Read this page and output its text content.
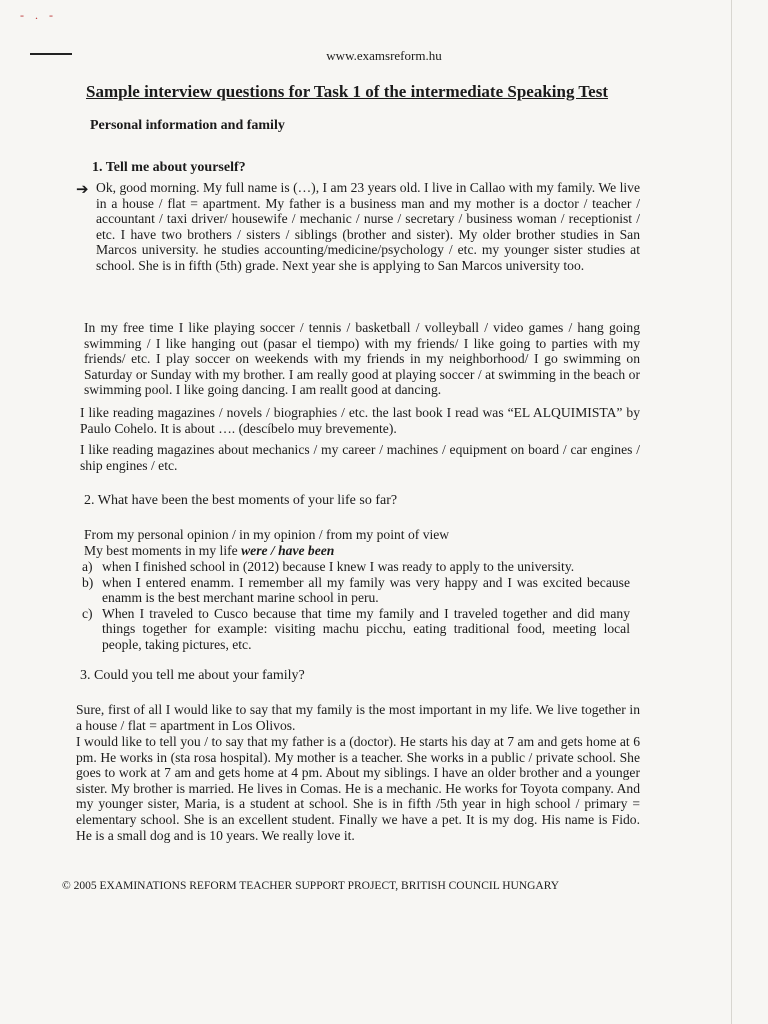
- . -
www.examsreform.hu
Sample interview questions for Task 1 of the intermediate Speaking Test
Personal information and family
1. Tell me about yourself?
➔ Ok, good morning. My full name is (…), I am 23 years old. I live in Callao with my family. We live in a house / flat = apartment. My father is a business man and my mother is a doctor / teacher / accountant / taxi driver/ housewife / mechanic / nurse / secretary / business woman / receptionist / etc. I have two brothers / sisters / siblings (brother and sister). My older brother studies in San Marcos university. he studies accounting/medicine/psychology / etc. my younger sister studies at school. She is in fifth (5th) grade. Next year she is applying to San Marcos university too.
In my free time I like playing soccer / tennis / basketball / volleyball / video games / hang going swimming / I like hanging out (pasar el tiempo) with my friends/ I like going to parties with my friends/ etc. I play soccer on weekends with my friends in my neighborhood/ I go swimming on Saturday or Sunday with my brother. I am really good at playing soccer / at swimming in the beach or swimming pool. I like going dancing. I am reallt good at dancing.
I like reading magazines / novels / biographies / etc. the last book I read was “EL ALQUIMISTA” by Paulo Cohelo. It is about …. (descíbelo muy brevemente).
I like reading magazines about mechanics / my career / machines / equipment on board / car engines / ship engines / etc.
2. What have been the best moments of your life so far?
From my personal opinion / in my opinion / from my point of view
My best moments in my life were / have been
a) when I finished school in (2012) because I knew I was ready to apply to the university.
b) when I entered enamm. I remember all my family was very happy and I was excited because enamm is the best merchant marine school in peru.
c) When I traveled to Cusco because that time my family and I traveled together and did many things together for example: visiting machu picchu, eating traditional food, meeting local people, taking pictures, etc.
3. Could you tell me about your family?
Sure, first of all I would like to say that my family is the most important in my life. We live together in a house / flat = apartment in Los Olivos.
I would like to tell you / to say that my father is a (doctor). He starts his day at 7 am and gets home at 6 pm. He works in (sta rosa hospital). My mother is a teacher. She works in a public / private school. She goes to work at 7 am and gets home at 4 pm. About my siblings. I have an older brother and a younger sister. My brother is married. He lives in Comas. He is a mechanic. He works for Toyota company. And my younger sister, Maria, is a student at school. She is in fifth /5th year in high school / primary = elementary school. She is an excellent student. Finally we have a pet. It is my dog. His name is Fido. He is a small dog and is 10 years. We really love it.
© 2005 EXAMINATIONS REFORM TEACHER SUPPORT PROJECT, BRITISH COUNCIL HUNGARY
